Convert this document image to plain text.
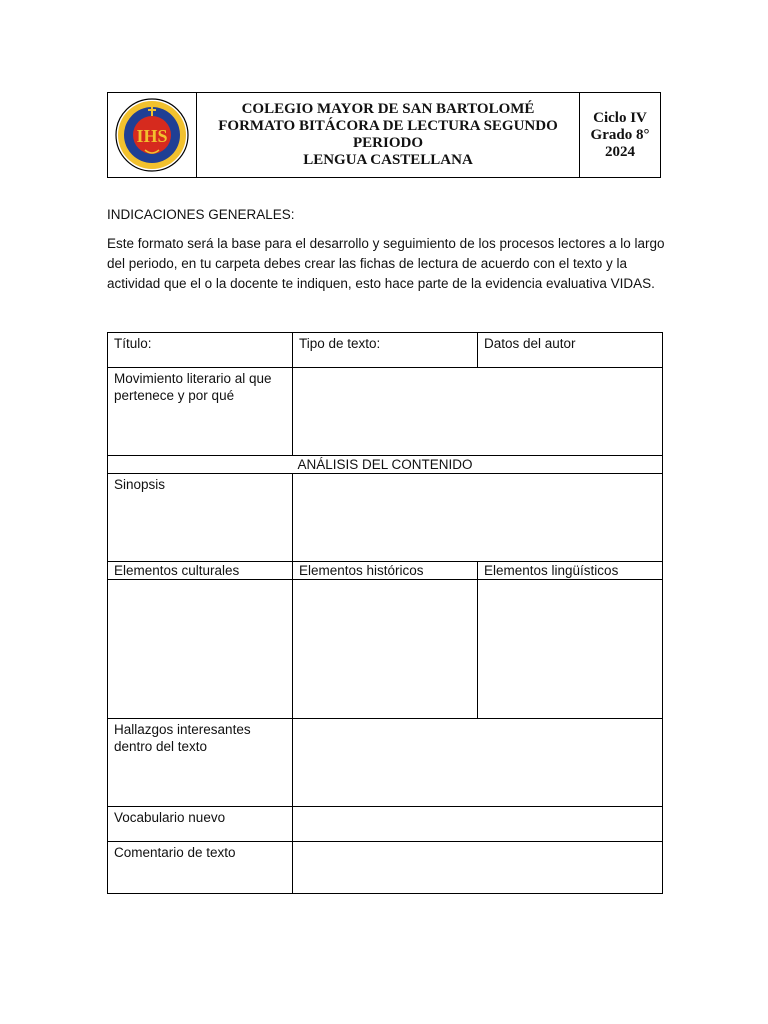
IHS
COLEGIO MAYOR DE SAN BARTOLOMÉ
FORMATO BITÁCORA DE LECTURA SEGUNDO
PERIODO
LENGUA CASTELLANA
Ciclo IV
Grado 8°
2024
INDICACIONES GENERALES:
Este formato será la base para el desarrollo y seguimiento de los procesos lectores a lo largo del periodo, en tu carpeta debes crear las fichas de lectura de acuerdo con el texto y la actividad que el o la docente te indiquen, esto hace parte de la evidencia evaluativa VIDAS.
Título:	Tipo de texto:	Datos del autor
Movimiento literario al que pertenece y por qué		
ANÁLISIS DEL CONTENIDO		
Sinopsis		
Elementos culturales	Elementos históricos	Elementos lingüísticos

Hallazgos interesantes dentro del texto		
Vocabulario nuevo		
Comentario de texto		
